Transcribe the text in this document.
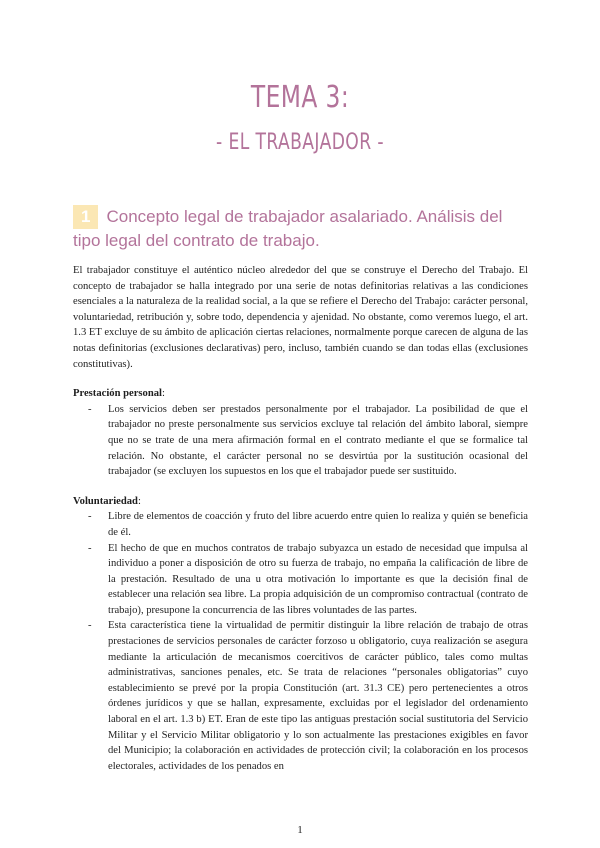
TEMA 3:
- EL TRABAJADOR -
1 Concepto legal de trabajador asalariado. Análisis del tipo legal del contrato de trabajo.

El trabajador constituye el auténtico núcleo alrededor del que se construye el Derecho del Trabajo. El concepto de trabajador se halla integrado por una serie de notas definitorias relativas a las condiciones esenciales a la naturaleza de la realidad social, a la que se refiere el Derecho del Trabajo: carácter personal, voluntariedad, retribución y, sobre todo, dependencia y ajenidad. No obstante, como veremos luego, el art. 1.3 ET excluye de su ámbito de aplicación ciertas relaciones, normalmente porque carecen de alguna de las notas definitorias (exclusiones declarativas) pero, incluso, también cuando se dan todas ellas (exclusiones constitutivas).

Prestación personal:

- Los servicios deben ser prestados personalmente por el trabajador. La posibilidad de que el trabajador no preste personalmente sus servicios excluye tal relación del ámbito laboral, siempre que no se trate de una mera afirmación formal en el contrato mediante el que se formalice tal relación. No obstante, el carácter personal no se desvirtúa por la sustitución ocasional del trabajador (se excluyen los supuestos en los que el trabajador puede ser sustituido.

Voluntariedad:

- Libre de elementos de coacción y fruto del libre acuerdo entre quien lo realiza y quién se beneficia de él.
- El hecho de que en muchos contratos de trabajo subyazca un estado de necesidad que impulsa al individuo a poner a disposición de otro su fuerza de trabajo, no empaña la calificación de libre de la prestación. Resultado de una u otra motivación lo importante es que la decisión final de establecer una relación sea libre. La propia adquisición de un compromiso contractual (contrato de trabajo), presupone la concurrencia de las libres voluntades de las partes.
- Esta característica tiene la virtualidad de permitir distinguir la libre relación de trabajo de otras prestaciones de servicios personales de carácter forzoso u obligatorio, cuya realización se asegura mediante la articulación de mecanismos coercitivos de carácter público, tales como multas administrativas, sanciones penales, etc. Se trata de relaciones “personales obligatorias” cuyo establecimiento se prevé por la propia Constitución (art. 31.3 CE) pero pertenecientes a otros órdenes jurídicos y que se hallan, expresamente, excluidas por el legislador del ordenamiento laboral en el art. 1.3 b) ET. Eran de este tipo las antiguas prestación social sustitutoria del Servicio Militar y el Servicio Militar obligatorio y lo son actualmente las prestaciones exigibles en favor del Municipio; la colaboración en actividades de protección civil; la colaboración en los procesos electorales, actividades de los penados en
1
